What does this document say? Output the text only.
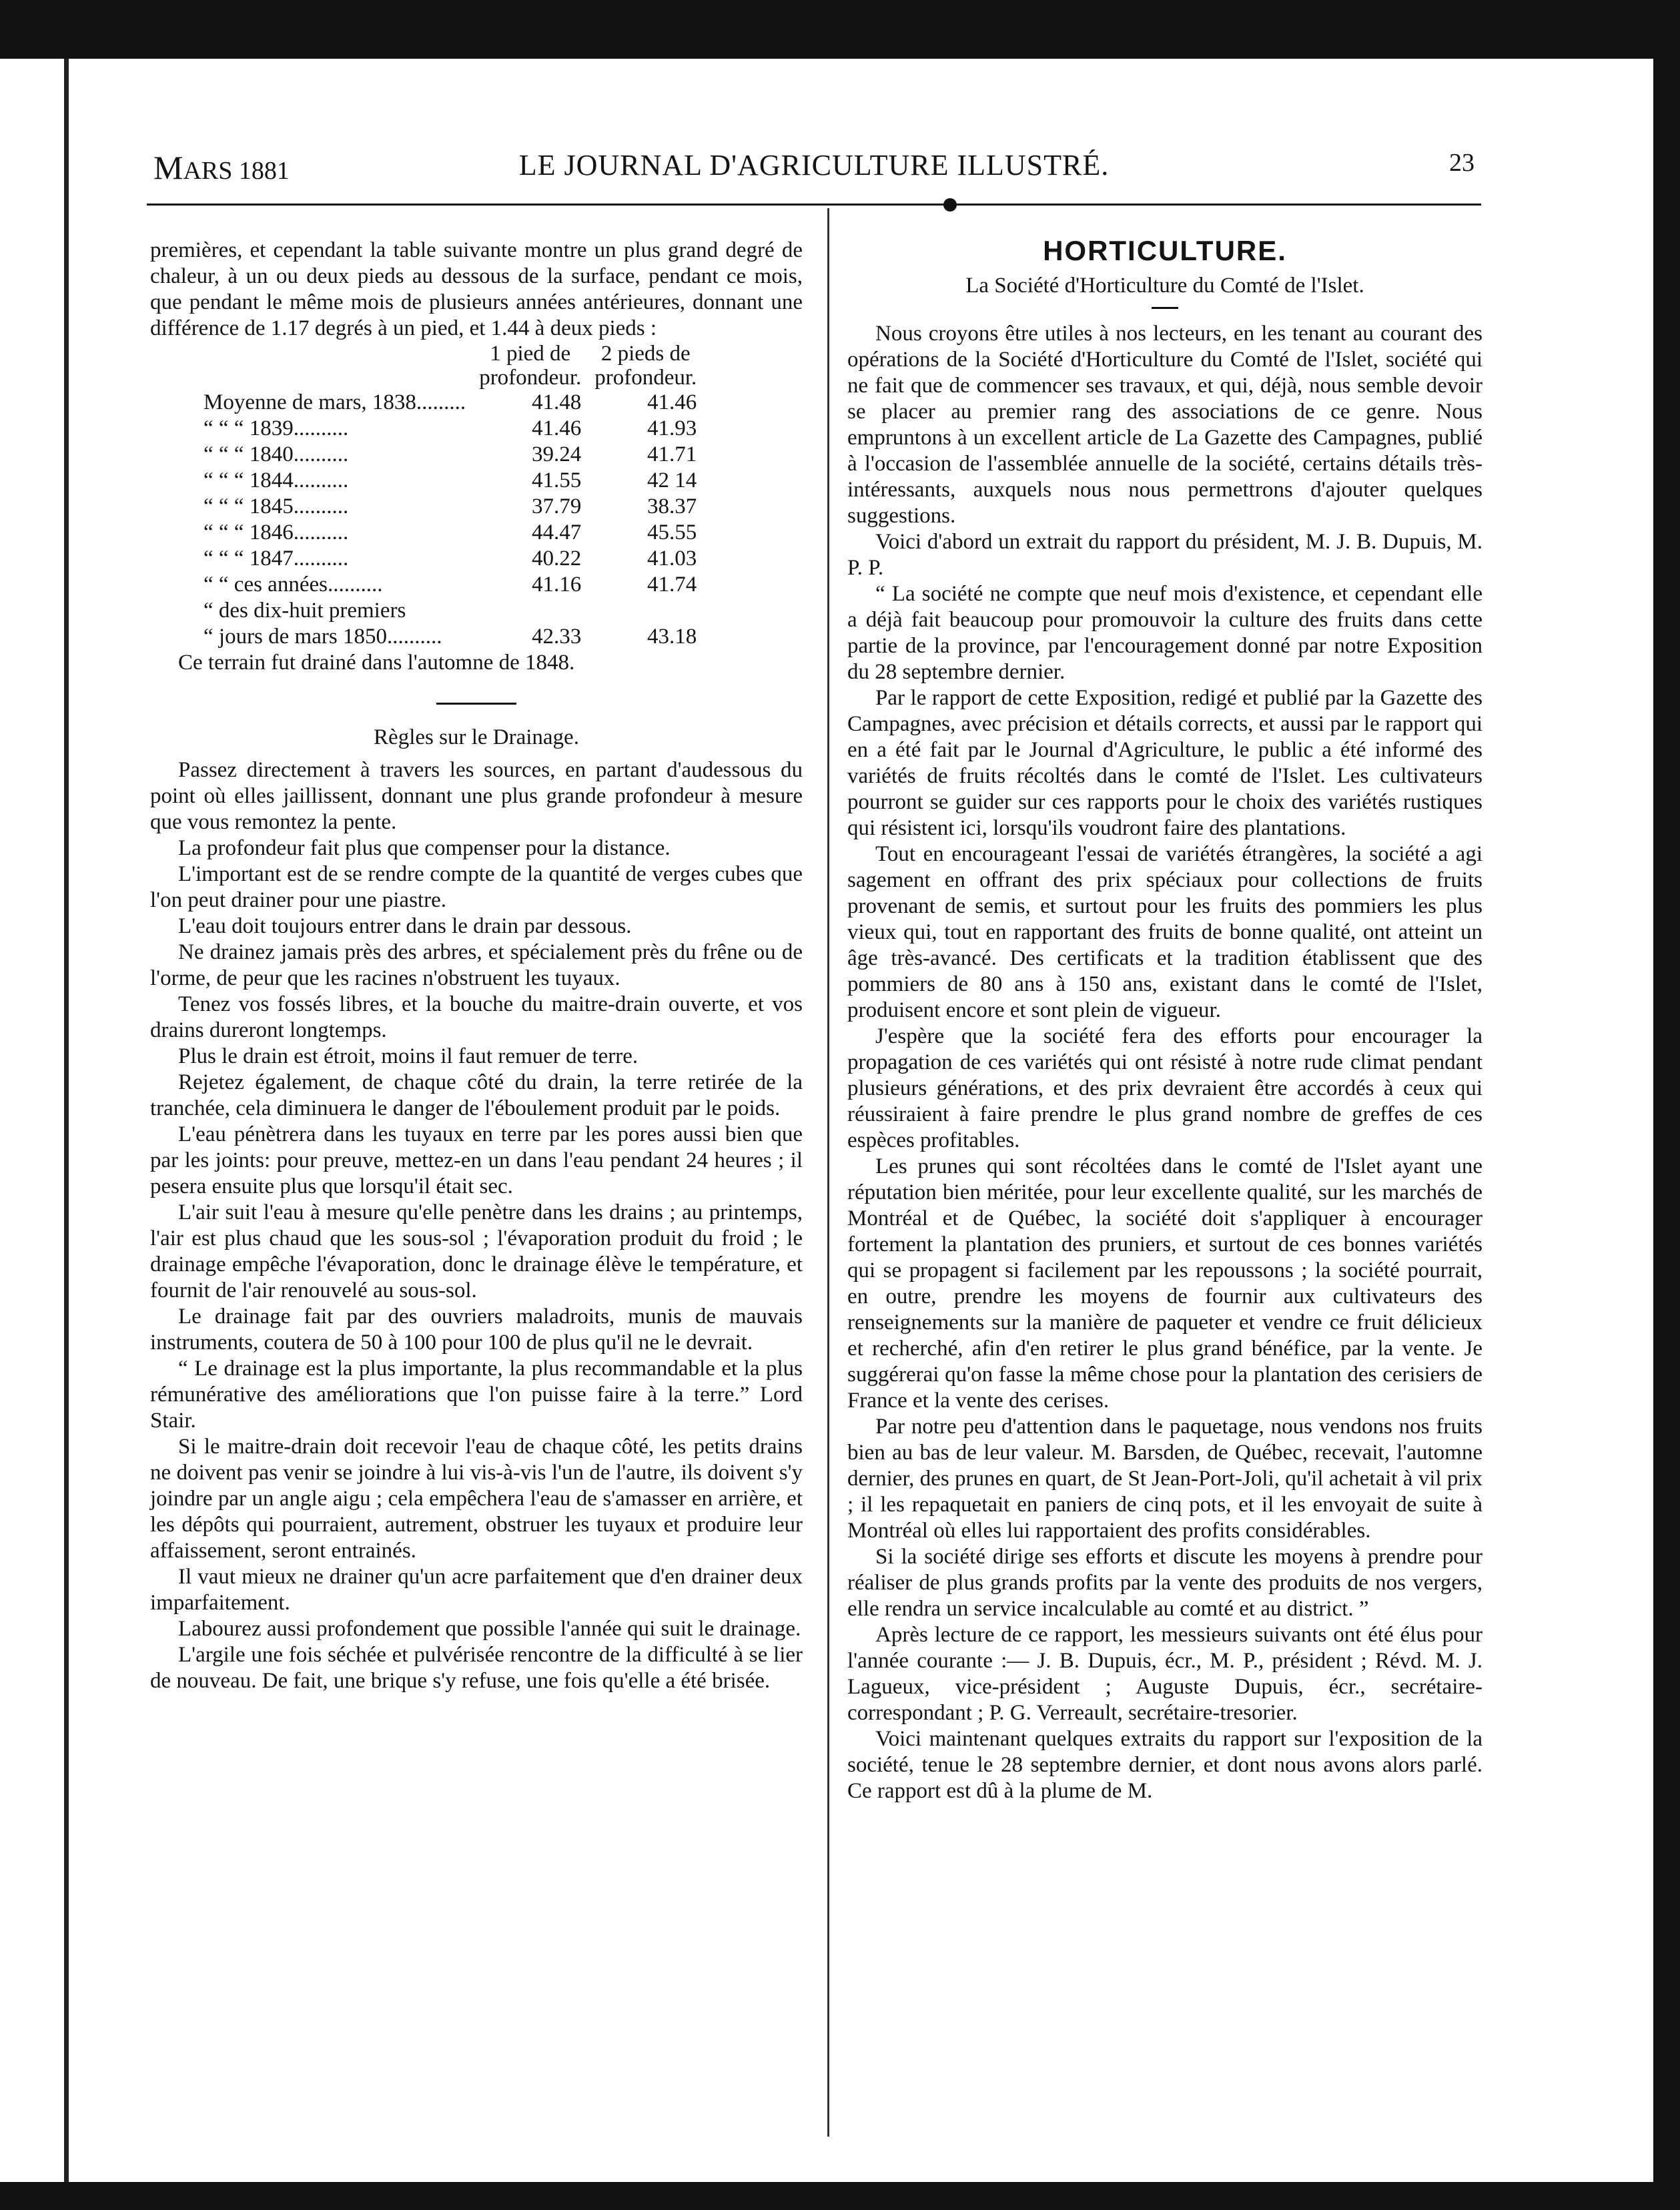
MARS 1881	LE JOURNAL D'AGRICULTURE ILLUSTRÉ.	23

premières, et cependant la table suivante montre un plus grand degré de chaleur, à un ou deux pieds au dessous de la surface, pendant ce mois, que pendant le même mois de plusieurs années antérieures, donnant une différence de 1.17 degrés à un pied, et 1.44 à deux pieds :

	1 pied de	2 pieds de
	profondeur.	profondeur.
Moyenne de mars, 1838.........	41.48	41.46
“ “ “ 1839..........	41.46	41.93
“ “ “ 1840..........	39.24	41.71
“ “ “ 1844..........	41.55	42 14
“ “ “ 1845..........	37.79	38.37
“ “ “ 1846..........	44.47	45.55
“ “ “ 1847..........	40.22	41.03
“ “ ces années..........	41.16	41.74
“ des dix-huit premiers		
“ jours de mars 1850..........	42.33	43.18

Ce terrain fut drainé dans l'automne de 1848.

Règles sur le Drainage.

Passez directement à travers les sources, en partant d'audessous du point où elles jaillissent, donnant une plus grande profondeur à mesure que vous remontez la pente.

La profondeur fait plus que compenser pour la distance.

L'important est de se rendre compte de la quantité de verges cubes que l'on peut drainer pour une piastre.

L'eau doit toujours entrer dans le drain par dessous.

Ne drainez jamais près des arbres, et spécialement près du frêne ou de l'orme, de peur que les racines n'obstruent les tuyaux.

Tenez vos fossés libres, et la bouche du maitre-drain ouverte, et vos drains dureront longtemps.

Plus le drain est étroit, moins il faut remuer de terre.

Rejetez également, de chaque côté du drain, la terre retirée de la tranchée, cela diminuera le danger de l'éboulement produit par le poids.

L'eau pénètrera dans les tuyaux en terre par les pores aussi bien que par les joints: pour preuve, mettez-en un dans l'eau pendant 24 heures ; il pesera ensuite plus que lorsqu'il était sec.

L'air suit l'eau à mesure qu'elle penètre dans les drains ; au printemps, l'air est plus chaud que les sous-sol ; l'évaporation produit du froid ; le drainage empêche l'évaporation, donc le drainage élève le température, et fournit de l'air renouvelé au sous-sol.

Le drainage fait par des ouvriers maladroits, munis de mauvais instruments, coutera de 50 à 100 pour 100 de plus qu'il ne le devrait.

“ Le drainage est la plus importante, la plus recommandable et la plus rémunérative des améliorations que l'on puisse faire à la terre.” Lord Stair.

Si le maitre-drain doit recevoir l'eau de chaque côté, les petits drains ne doivent pas venir se joindre à lui vis-à-vis l'un de l'autre, ils doivent s'y joindre par un angle aigu ; cela empêchera l'eau de s'amasser en arrière, et les dépôts qui pourraient, autrement, obstruer les tuyaux et produire leur affaissement, seront entrainés.

Il vaut mieux ne drainer qu'un acre parfaitement que d'en drainer deux imparfaitement.

Labourez aussi profondement que possible l'année qui suit le drainage.

L'argile une fois séchée et pulvérisée rencontre de la difficulté à se lier de nouveau. De fait, une brique s'y refuse, une fois qu'elle a été brisée.

HORTICULTURE.
La Société d'Horticulture du Comté de l'Islet.

Nous croyons être utiles à nos lecteurs, en les tenant au courant des opérations de la Société d'Horticulture du Comté de l'Islet, société qui ne fait que de commencer ses travaux, et qui, déjà, nous semble devoir se placer au premier rang des associations de ce genre. Nous empruntons à un excellent article de La Gazette des Campagnes, publié à l'occasion de l'assemblée annuelle de la société, certains détails très-intéressants, auxquels nous nous permettrons d'ajouter quelques suggestions.

Voici d'abord un extrait du rapport du président, M. J. B. Dupuis, M. P. P.

“ La société ne compte que neuf mois d'existence, et cependant elle a déjà fait beaucoup pour promouvoir la culture des fruits dans cette partie de la province, par l'encouragement donné par notre Exposition du 28 septembre dernier.

Par le rapport de cette Exposition, redigé et publié par la Gazette des Campagnes, avec précision et détails corrects, et aussi par le rapport qui en a été fait par le Journal d'Agriculture, le public a été informé des variétés de fruits récoltés dans le comté de l'Islet. Les cultivateurs pourront se guider sur ces rapports pour le choix des variétés rustiques qui résistent ici, lorsqu'ils voudront faire des plantations.

Tout en encourageant l'essai de variétés étrangères, la société a agi sagement en offrant des prix spéciaux pour collections de fruits provenant de semis, et surtout pour les fruits des pommiers les plus vieux qui, tout en rapportant des fruits de bonne qualité, ont atteint un âge très-avancé. Des certificats et la tradition établissent que des pommiers de 80 ans à 150 ans, existant dans le comté de l'Islet, produisent encore et sont plein de vigueur.

J'espère que la société fera des efforts pour encourager la propagation de ces variétés qui ont résisté à notre rude climat pendant plusieurs générations, et des prix devraient être accordés à ceux qui réussiraient à faire prendre le plus grand nombre de greffes de ces espèces profitables.

Les prunes qui sont récoltées dans le comté de l'Islet ayant une réputation bien méritée, pour leur excellente qualité, sur les marchés de Montréal et de Québec, la société doit s'appliquer à encourager fortement la plantation des pruniers, et surtout de ces bonnes variétés qui se propagent si facilement par les repoussons ; la société pourrait, en outre, prendre les moyens de fournir aux cultivateurs des renseignements sur la manière de paqueter et vendre ce fruit délicieux et recherché, afin d'en retirer le plus grand bénéfice, par la vente. Je suggérerai qu'on fasse la même chose pour la plantation des cerisiers de France et la vente des cerises.

Par notre peu d'attention dans le paquetage, nous vendons nos fruits bien au bas de leur valeur. M. Barsden, de Québec, recevait, l'automne dernier, des prunes en quart, de St Jean-Port-Joli, qu'il achetait à vil prix ; il les repaquetait en paniers de cinq pots, et il les envoyait de suite à Montréal où elles lui rapportaient des profits considérables.

Si la société dirige ses efforts et discute les moyens à prendre pour réaliser de plus grands profits par la vente des produits de nos vergers, elle rendra un service incalculable au comté et au district. ”

Après lecture de ce rapport, les messieurs suivants ont été élus pour l'année courante :— J. B. Dupuis, écr., M. P., président ; Révd. M. J. Lagueux, vice-président ; Auguste Dupuis, écr., secrétaire-correspondant ; P. G. Verreault, secrétaire-tresorier.

Voici maintenant quelques extraits du rapport sur l'exposition de la société, tenue le 28 septembre dernier, et dont nous avons alors parlé. Ce rapport est dû à la plume de M.
